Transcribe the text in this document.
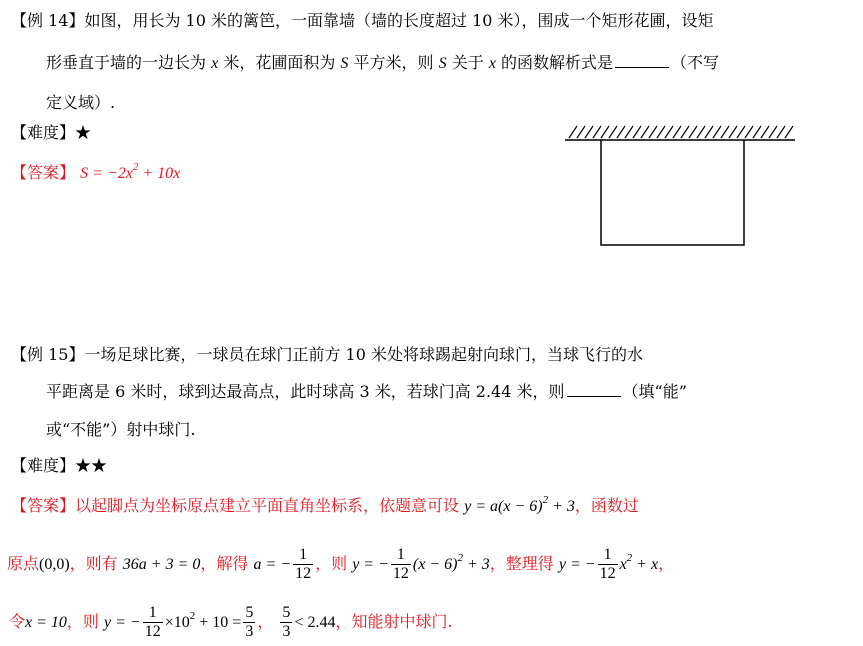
【例 14】如图，用长为 10 米的篱笆，一面靠墙（墙的长度超过 10 米），围成一个矩形花圃，设矩
形垂直于墙的一边长为 x 米，花圃面积为 S 平方米，则 S 关于 x 的函数解析式是	（不写
定义域）.
【难度】★
【答案】 $S = -2x^2 + 10x$
【例 15】一场足球比赛，一球员在球门正前方 10 米处将球踢起射向球门，当球飞行的水
平距离是 6 米时，球到达最高点，此时球高 3 米，若球门高 2.44 米，则	（填“能”
或“不能”）射中球门.
【难度】★★
【答案】以起脚点为坐标原点建立平面直角坐标系，依题意可设 $y = a(x - 6)^2 + 3$，函数过
原点(0,0)，则有 36a + 3 = 0，解得 a = − $\frac{1}{12}$ ，则 y = − $\frac{1}{12} (x - 6)^2 + 3$，整理得 y = − $\frac{1}{12} x^2 + x$，
令x = 10，则 y = − $\frac{1}{12} \times 10^2 + 10 = \frac{5}{3}$ ， $\frac{5}{3} < 2.44$，知能射中球门.
